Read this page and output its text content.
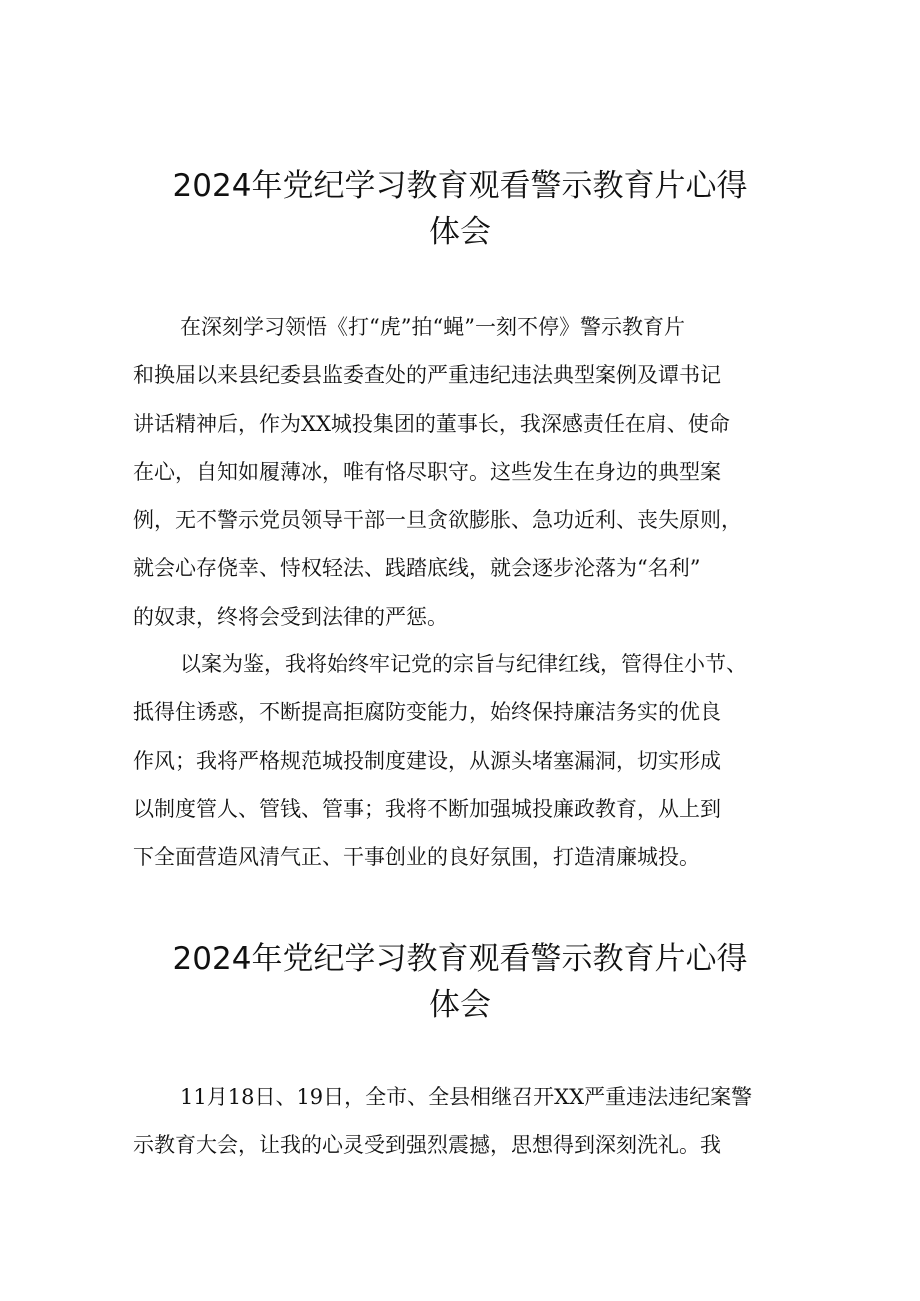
2024年党纪学习教育观看警示教育片心得
体会
在深刻学习领悟《打“虎”拍“蝇”一刻不停》警示教育片
和换届以来县纪委县监委查处的严重违纪违法典型案例及谭书记
讲话精神后，作为XX城投集团的董事长，我深感责任在肩、使命
在心，自知如履薄冰，唯有恪尽职守。这些发生在身边的典型案
例，无不警示党员领导干部一旦贪欲膨胀、急功近利、丧失原则，
就会心存侥幸、恃权轻法、践踏底线，就会逐步沦落为“名利”
的奴隶，终将会受到法律的严惩。
以案为鉴，我将始终牢记党的宗旨与纪律红线，管得住小节、
抵得住诱惑，不断提高拒腐防变能力，始终保持廉洁务实的优良
作风；我将严格规范城投制度建设，从源头堵塞漏洞，切实形成
以制度管人、管钱、管事；我将不断加强城投廉政教育，从上到
下全面营造风清气正、干事创业的良好氛围，打造清廉城投。
2024年党纪学习教育观看警示教育片心得
体会
11月18日、19日，全市、全县相继召开XX严重违法违纪案警
示教育大会，让我的心灵受到强烈震撼，思想得到深刻洗礼。我
